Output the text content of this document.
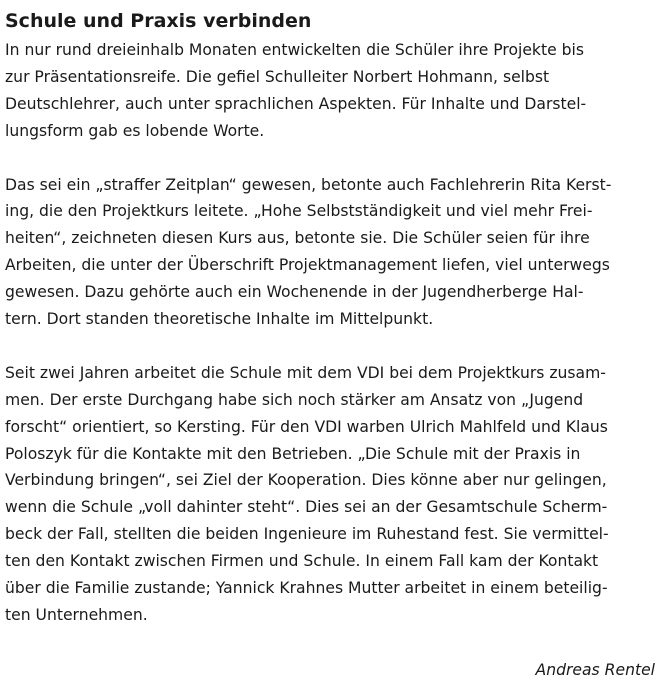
Schule und Praxis verbinden

In nur rund dreieinhalb Monaten entwickelten die Schüler ihre Projekte bis
zur Präsentationsreife. Die gefiel Schulleiter Norbert Hohmann, selbst
Deutschlehrer, auch unter sprachlichen Aspekten. Für Inhalte und Darstel-
lungsform gab es lobende Worte.

Das sei ein „straffer Zeitplan“ gewesen, betonte auch Fachlehrerin Rita Kerst-
ing, die den Projektkurs leitete. „Hohe Selbstständigkeit und viel mehr Frei-
heiten“, zeichneten diesen Kurs aus, betonte sie. Die Schüler seien für ihre
Arbeiten, die unter der Überschrift Projektmanagement liefen, viel unterwegs
gewesen. Dazu gehörte auch ein Wochenende in der Jugendherberge Hal-
tern. Dort standen theoretische Inhalte im Mittelpunkt.

Seit zwei Jahren arbeitet die Schule mit dem VDI bei dem Projektkurs zusam-
men. Der erste Durchgang habe sich noch stärker am Ansatz von „Jugend
forscht“ orientiert, so Kersting. Für den VDI warben Ulrich Mahlfeld und Klaus
Poloszyk für die Kontakte mit den Betrieben. „Die Schule mit der Praxis in
Verbindung bringen“, sei Ziel der Kooperation. Dies könne aber nur gelingen,
wenn die Schule „voll dahinter steht“. Dies sei an der Gesamtschule Scherm-
beck der Fall, stellten die beiden Ingenieure im Ruhestand fest. Sie vermittel-
ten den Kontakt zwischen Firmen und Schule. In einem Fall kam der Kontakt
über die Familie zustande; Yannick Krahnes Mutter arbeitet in einem beteilig-
ten Unternehmen.

Andreas Rentel
